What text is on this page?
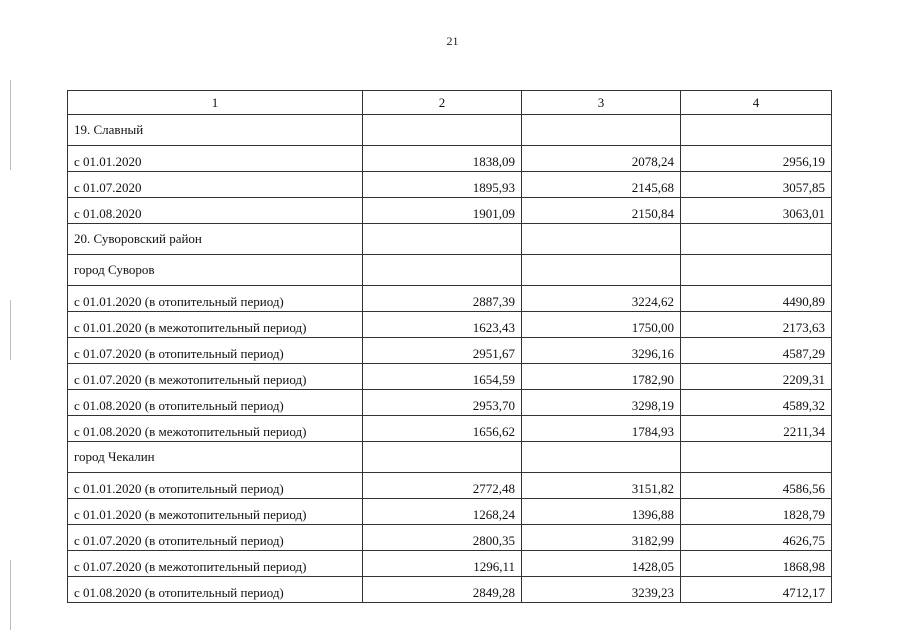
21
1	2	3	4
19. Славный			
с 01.01.2020	1838,09	2078,24	2956,19
с 01.07.2020	1895,93	2145,68	3057,85
с 01.08.2020	1901,09	2150,84	3063,01
20. Суворовский район			
город Суворов			
с 01.01.2020 (в отопительный период)	2887,39	3224,62	4490,89
с 01.01.2020 (в межотопительный период)	1623,43	1750,00	2173,63
с 01.07.2020 (в отопительный период)	2951,67	3296,16	4587,29
с 01.07.2020 (в межотопительный период)	1654,59	1782,90	2209,31
с 01.08.2020 (в отопительный период)	2953,70	3298,19	4589,32
с 01.08.2020 (в межотопительный период)	1656,62	1784,93	2211,34
город Чекалин			
с 01.01.2020 (в отопительный период)	2772,48	3151,82	4586,56
с 01.01.2020 (в межотопительный период)	1268,24	1396,88	1828,79
с 01.07.2020 (в отопительный период)	2800,35	3182,99	4626,75
с 01.07.2020 (в межотопительный период)	1296,11	1428,05	1868,98
с 01.08.2020 (в отопительный период)	2849,28	3239,23	4712,17
